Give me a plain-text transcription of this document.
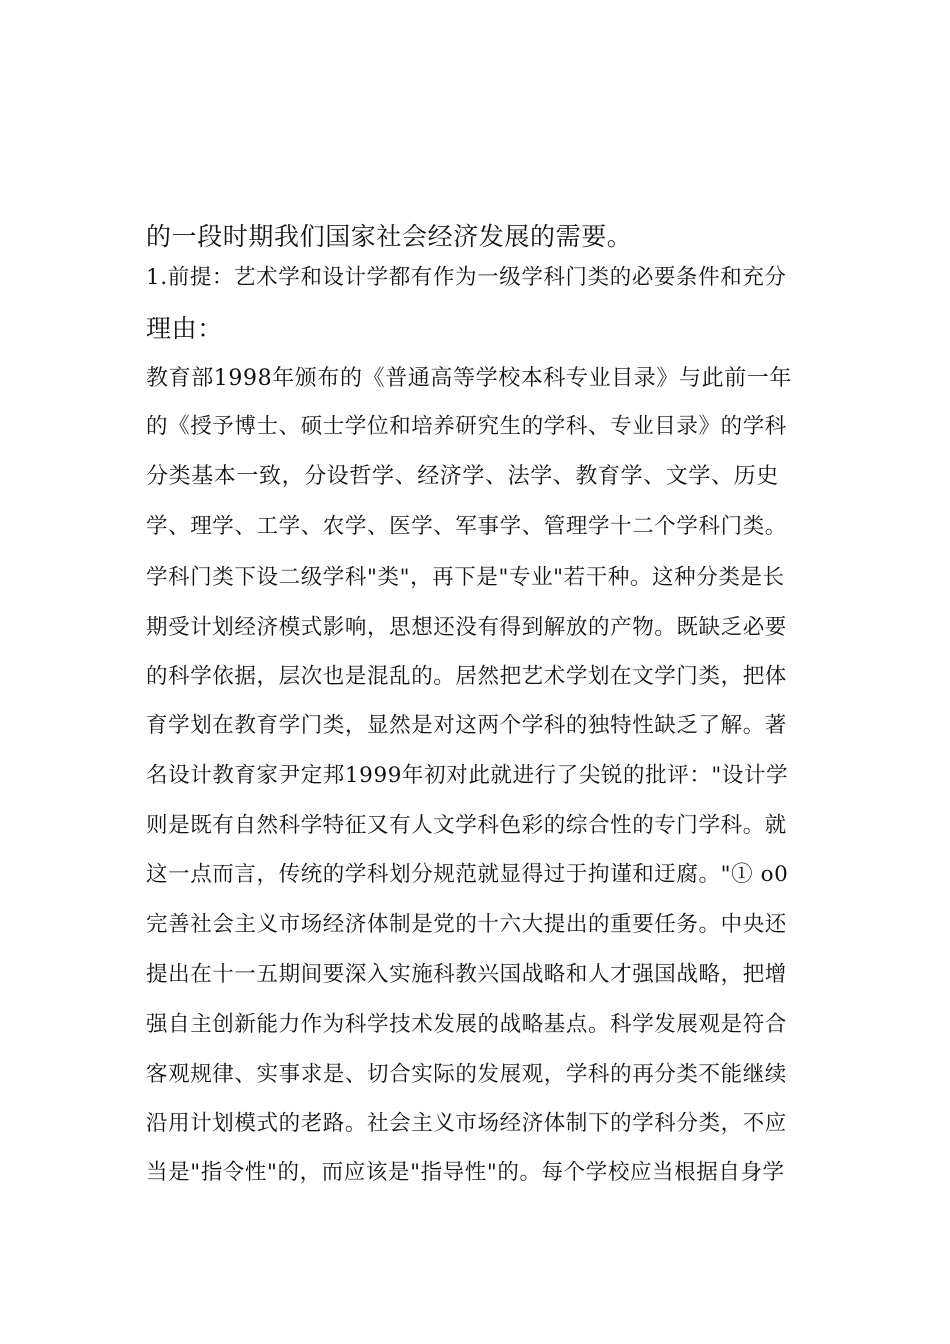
的一段时期我们国家社会经济发展的需要。
1.前提：艺术学和设计学都有作为一级学科门类的必要条件和充分
理由：
教育部1998年颁布的《普通高等学校本科专业目录》与此前一年
的《授予博士、硕士学位和培养研究生的学科、专业目录》的学科
分类基本一致，分设哲学、经济学、法学、教育学、文学、历史
学、理学、工学、农学、医学、军事学、管理学十二个学科门类。
学科门类下设二级学科"类"，再下是"专业"若干种。这种分类是长
期受计划经济模式影响，思想还没有得到解放的产物。既缺乏必要
的科学依据，层次也是混乱的。居然把艺术学划在文学门类，把体
育学划在教育学门类，显然是对这两个学科的独特性缺乏了解。著
名设计教育家尹定邦1999年初对此就进行了尖锐的批评："设计学
则是既有自然科学特征又有人文学科色彩的综合性的专门学科。就
这一点而言，传统的学科划分规范就显得过于拘谨和迂腐。"① o0
完善社会主义市场经济体制是党的十六大提出的重要任务。中央还
提出在十一五期间要深入实施科教兴国战略和人才强国战略，把增
强自主创新能力作为科学技术发展的战略基点。科学发展观是符合
客观规律、实事求是、切合实际的发展观，学科的再分类不能继续
沿用计划模式的老路。社会主义市场经济体制下的学科分类，不应
当是"指令性"的，而应该是"指导性"的。每个学校应当根据自身学
